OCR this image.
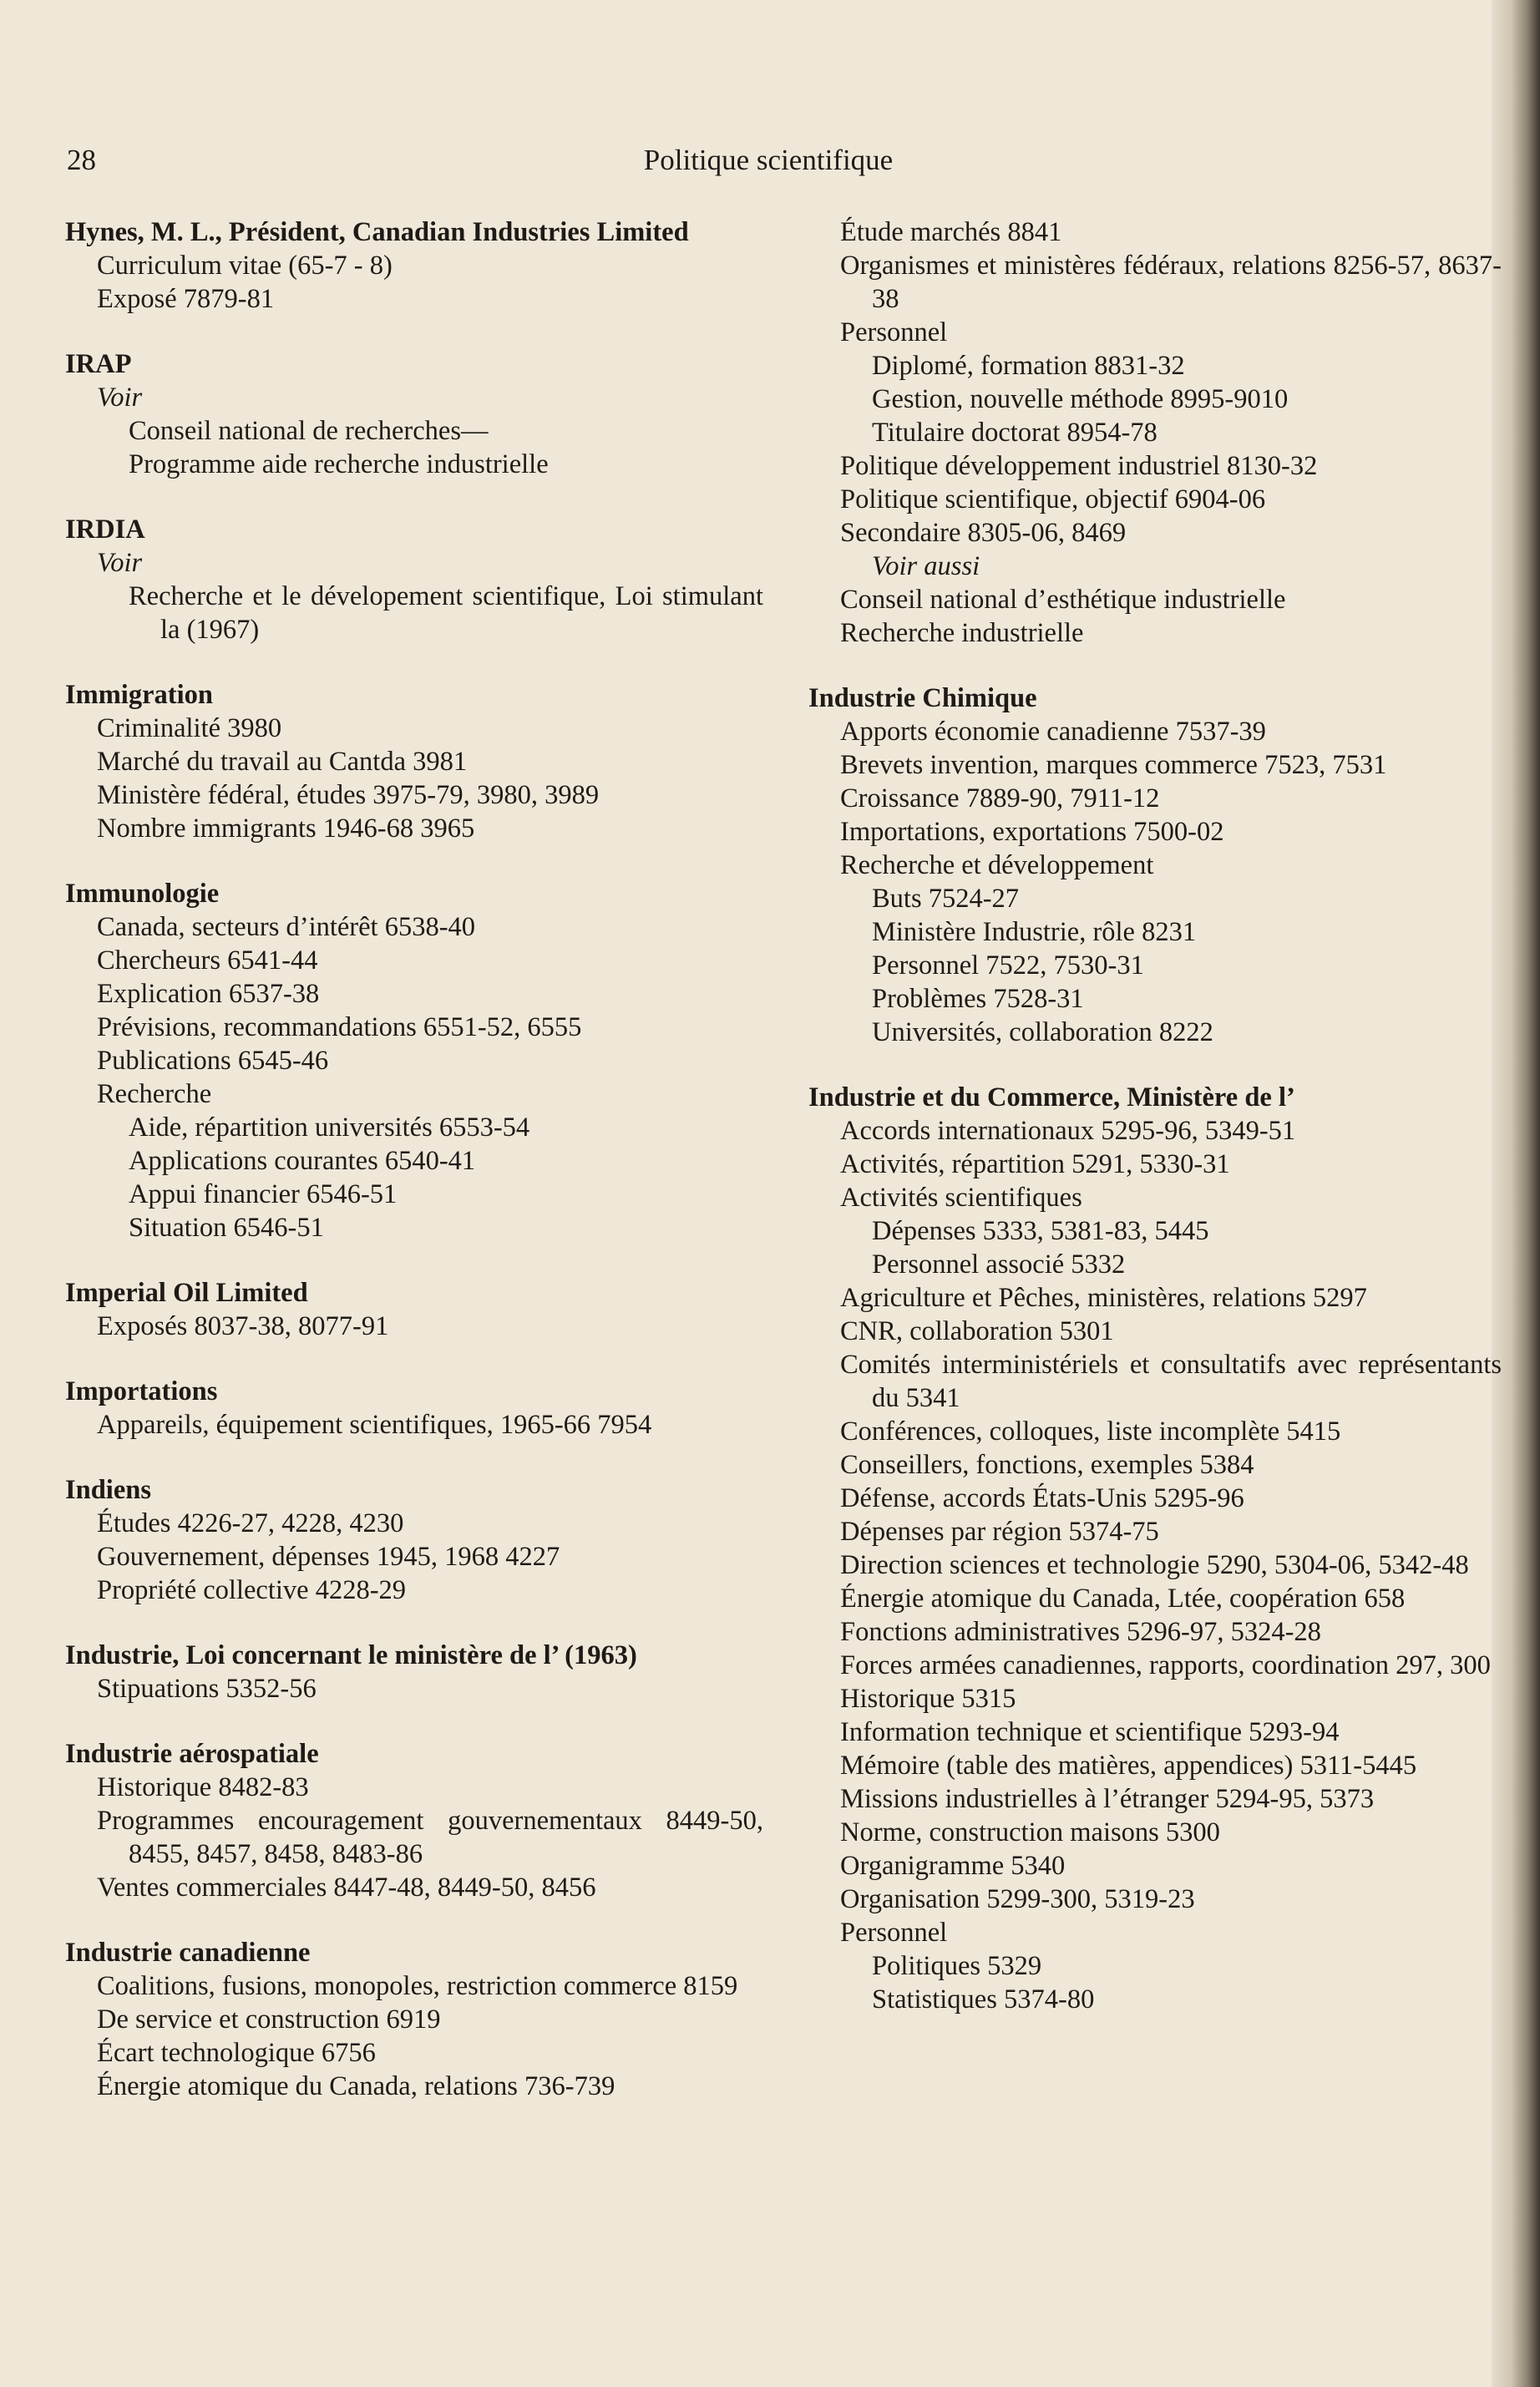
28	Politique scientifique
Hynes, M. L., Président, Canadian Industries Limited
Curriculum vitae (65-7 - 8)
Exposé 7879-81
IRAP
Voir
Conseil national de recherches—
Programme aide recherche industrielle
IRDIA
Voir
Recherche et le dévelopement scientifique, Loi stimulant la (1967)
Immigration
Criminalité 3980
Marché du travail au Cantda 3981
Ministère fédéral, études 3975-79, 3980, 3989
Nombre immigrants 1946-68 3965
Immunologie
Canada, secteurs d’intérêt 6538-40
Chercheurs 6541-44
Explication 6537-38
Prévisions, recommandations 6551-52, 6555
Publications 6545-46
Recherche
Aide, répartition universités 6553-54
Applications courantes 6540-41
Appui financier 6546-51
Situation 6546-51
Imperial Oil Limited
Exposés 8037-38, 8077-91
Importations
Appareils, équipement scientifiques, 1965-66 7954
Indiens
Études 4226-27, 4228, 4230
Gouvernement, dépenses 1945, 1968 4227
Propriété collective 4228-29
Industrie, Loi concernant le ministère de l’ (1963)
Stipuations 5352-56
Industrie aérospatiale
Historique 8482-83
Programmes encouragement gouvernementaux 8449-50, 8455, 8457, 8458, 8483-86
Ventes commerciales 8447-48, 8449-50, 8456
Industrie canadienne
Coalitions, fusions, monopoles, restriction commerce 8159
De service et construction 6919
Écart technologique 6756
Énergie atomique du Canada, relations 736-739
Étude marchés 8841
Organismes et ministères fédéraux, relations 8256-57, 8637-38
Personnel
Diplomé, formation 8831-32
Gestion, nouvelle méthode 8995-9010
Titulaire doctorat 8954-78
Politique développement industriel 8130-32
Politique scientifique, objectif 6904-06
Secondaire 8305-06, 8469
Voir aussi
Conseil national d’esthétique industrielle
Recherche industrielle
Industrie Chimique
Apports économie canadienne 7537-39
Brevets invention, marques commerce 7523, 7531
Croissance 7889-90, 7911-12
Importations, exportations 7500-02
Recherche et développement
Buts 7524-27
Ministère Industrie, rôle 8231
Personnel 7522, 7530-31
Problèmes 7528-31
Universités, collaboration 8222
Industrie et du Commerce, Ministère de l’
Accords internationaux 5295-96, 5349-51
Activités, répartition 5291, 5330-31
Activités scientifiques
Dépenses 5333, 5381-83, 5445
Personnel associé 5332
Agriculture et Pêches, ministères, relations 5297
CNR, collaboration 5301
Comités interministériels et consultatifs avec représentants du 5341
Conférences, colloques, liste incomplète 5415
Conseillers, fonctions, exemples 5384
Défense, accords États-Unis 5295-96
Dépenses par région 5374-75
Direction sciences et technologie 5290, 5304-06, 5342-48
Énergie atomique du Canada, Ltée, coopération 658
Fonctions administratives 5296-97, 5324-28
Forces armées canadiennes, rapports, coordination 297, 300
Historique 5315
Information technique et scientifique 5293-94
Mémoire (table des matières, appendices) 5311-5445
Missions industrielles à l’étranger 5294-95, 5373
Norme, construction maisons 5300
Organigramme 5340
Organisation 5299-300, 5319-23
Personnel
Politiques 5329
Statistiques 5374-80
